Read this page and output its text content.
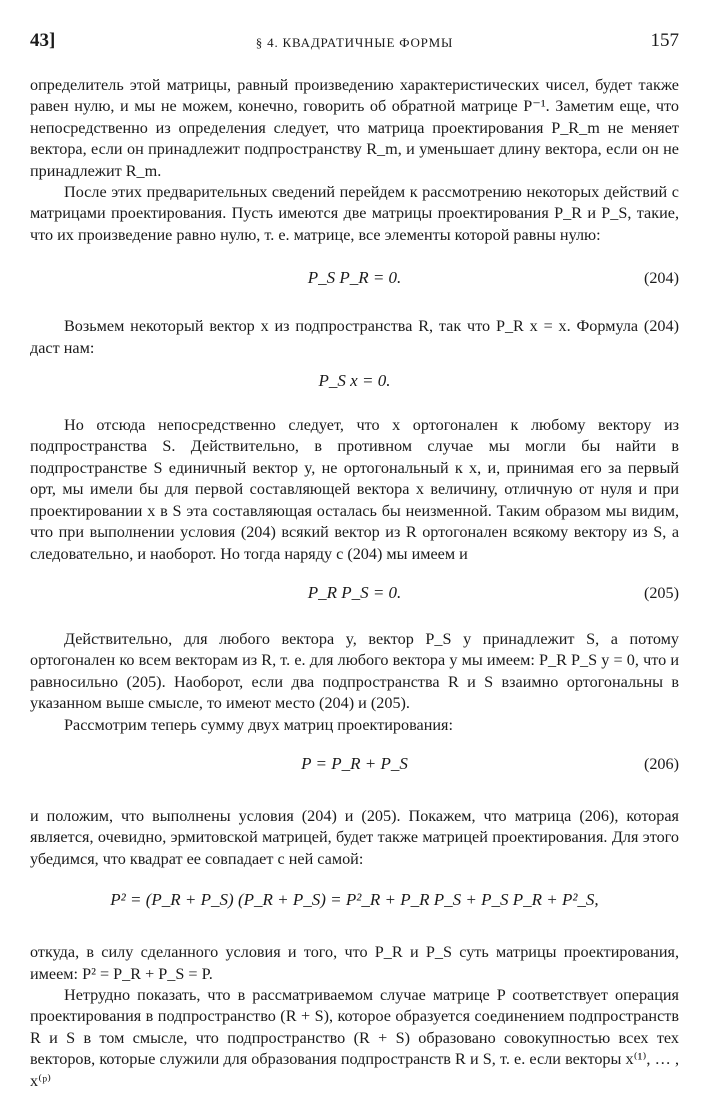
43]	§ 4. КВАДРАТИЧНЫЕ ФОРМЫ	157

определитель этой матрицы, равный произведению характеристических чисел, будет также равен нулю, и мы не можем, конечно, говорить об обратной матрице P⁻¹. Заметим еще, что непосредственно из определения следует, что матрица проектирования P_R_m не меняет вектора, если он принадлежит подпространству R_m, и уменьшает длину вектора, если он не принадлежит R_m.

После этих предварительных сведений перейдем к рассмотрению некоторых действий с матрицами проектирования. Пусть имеются две матрицы проектирования P_R и P_S, такие, что их произведение равно нулю, т. е. матрице, все элементы которой равны нулю:

P_S P_R = 0.	(204)

Возьмем некоторый вектор x из подпространства R, так что P_R x = x. Формула (204) даст нам:

P_S x = 0.

Но отсюда непосредственно следует, что x ортогонален к любому вектору из подпространства S. Действительно, в противном случае мы могли бы найти в подпространстве S единичный вектор y, не ортогональный к x, и, принимая его за первый орт, мы имели бы для первой составляющей вектора x величину, отличную от нуля и при проектировании x в S эта составляющая осталась бы неизменной. Таким образом мы видим, что при выполнении условия (204) всякий вектор из R ортогонален всякому вектору из S, а следовательно, и наоборот. Но тогда наряду с (204) мы имеем и

P_R P_S = 0.	(205)

Действительно, для любого вектора y, вектор P_S y принадлежит S, а потому ортогонален ко всем векторам из R, т. е. для любого вектора y мы имеем: P_R P_S y = 0, что и равносильно (205). Наоборот, если два подпространства R и S взаимно ортогональны в указанном выше смысле, то имеют место (204) и (205).

Рассмотрим теперь сумму двух матриц проектирования:

P = P_R + P_S	(206)

и положим, что выполнены условия (204) и (205). Покажем, что матрица (206), которая является, очевидно, эрмитовской матрицей, будет также матрицей проектирования. Для этого убедимся, что квадрат ее совпадает с ней самой:

P² = (P_R + P_S) (P_R + P_S) = P²_R + P_R P_S + P_S P_R + P²_S,

откуда, в силу сделанного условия и того, что P_R и P_S суть матрицы проектирования, имеем: P² = P_R + P_S = P.

Нетрудно показать, что в рассматриваемом случае матрице P соответствует операция проектирования в подпространство (R + S), которое образуется соединением подпространств R и S в том смысле, что подпространство (R + S) образовано совокупностью всех тех векторов, которые служили для образования подпространств R и S, т. е. если векторы x⁽¹⁾, … , x⁽ᵖ⁾
